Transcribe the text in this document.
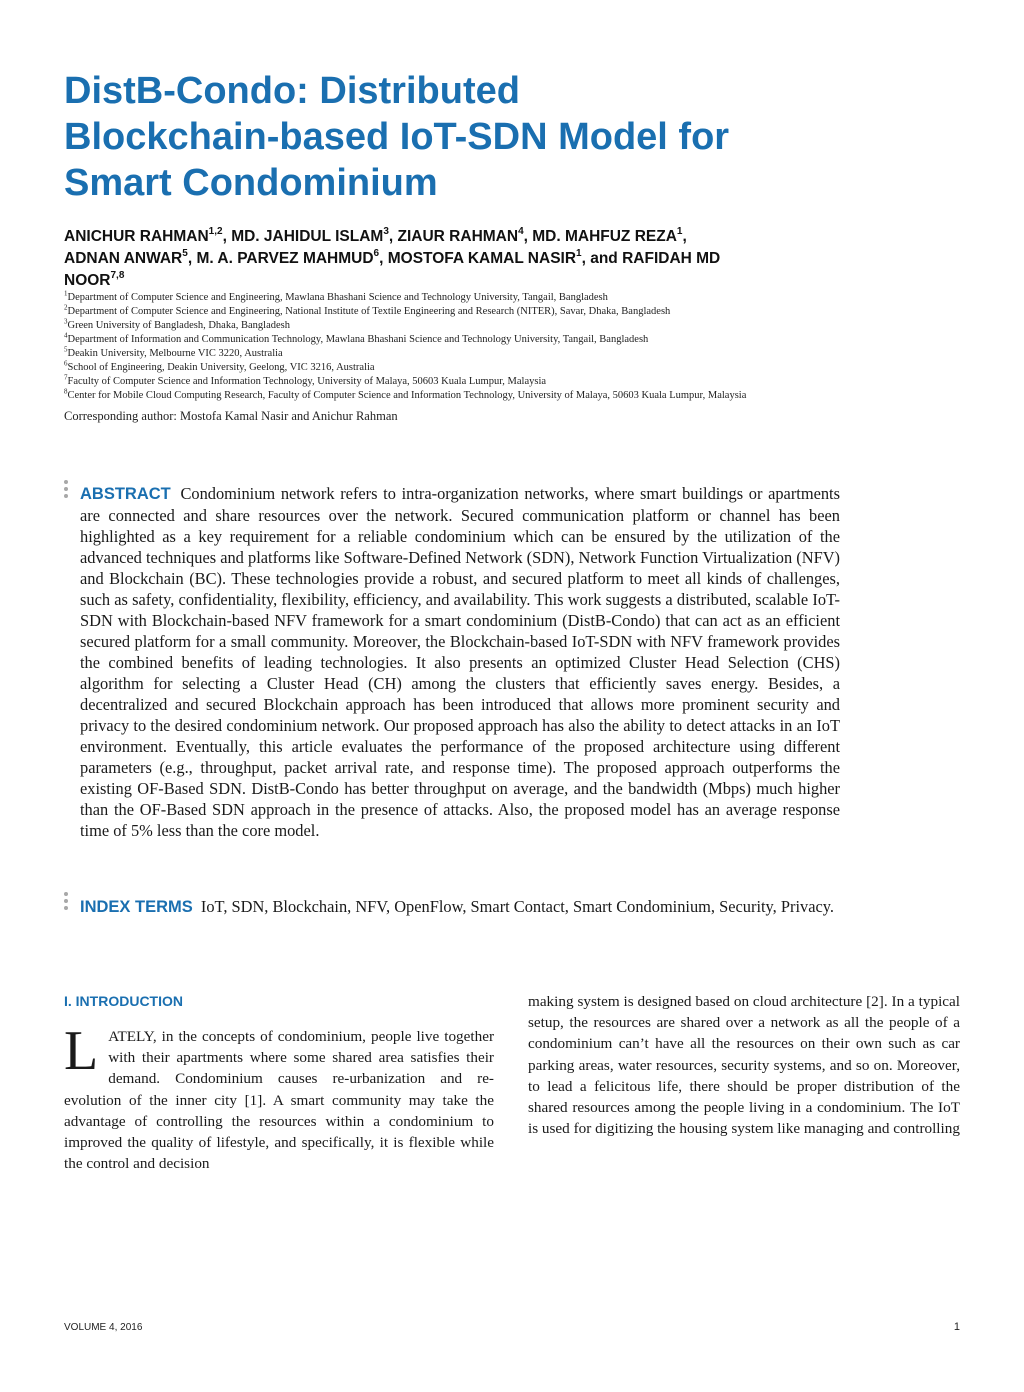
DistB-Condo: Distributed
Blockchain-based IoT-SDN Model for
Smart Condominium
ANICHUR RAHMAN$^{1,2}$, MD. JAHIDUL ISLAM$^3$, ZIAUR RAHMAN$^4$, MD. MAHFUZ REZA$^1$,
ADNAN ANWAR$^5$, M. A. PARVEZ MAHMUD$^6$, MOSTOFA KAMAL NASIR$^1$, and RAFIDAH MD
NOOR$^{7,8}$
$^1$Department of Computer Science and Engineering, Mawlana Bhashani Science and Technology University, Tangail, Bangladesh
$^2$Department of Computer Science and Engineering, National Institute of Textile Engineering and Research (NITER), Savar, Dhaka, Bangladesh
$^3$Green University of Bangladesh, Dhaka, Bangladesh
$^4$Department of Information and Communication Technology, Mawlana Bhashani Science and Technology University, Tangail, Bangladesh
$^5$Deakin University, Melbourne VIC 3220, Australia
$^6$School of Engineering, Deakin University, Geelong, VIC 3216, Australia
$^7$Faculty of Computer Science and Information Technology, University of Malaya, 50603 Kuala Lumpur, Malaysia
$^8$Center for Mobile Cloud Computing Research, Faculty of Computer Science and Information Technology, University of Malaya, 50603 Kuala Lumpur, Malaysia
Corresponding author: Mostofa Kamal Nasir and Anichur Rahman
ABSTRACT Condominium network refers to intra-organization networks, where smart buildings or apartments are connected and share resources over the network. Secured communication platform or channel has been highlighted as a key requirement for a reliable condominium which can be ensured by the utilization of the advanced techniques and platforms like Software-Defined Network (SDN), Network Function Virtualization (NFV) and Blockchain (BC). These technologies provide a robust, and secured platform to meet all kinds of challenges, such as safety, confidentiality, flexibility, efficiency, and availability. This work suggests a distributed, scalable IoT-SDN with Blockchain-based NFV framework for a smart condominium (DistB-Condo) that can act as an efficient secured platform for a small community. Moreover, the Blockchain-based IoT-SDN with NFV framework provides the combined benefits of leading technologies. It also presents an optimized Cluster Head Selection (CHS) algorithm for selecting a Cluster Head (CH) among the clusters that efficiently saves energy. Besides, a decentralized and secured Blockchain approach has been introduced that allows more prominent security and privacy to the desired condominium network. Our proposed approach has also the ability to detect attacks in an IoT environment. Eventually, this article evaluates the performance of the proposed architecture using different parameters (e.g., throughput, packet arrival rate, and response time). The proposed approach outperforms the existing OF-Based SDN. DistB-Condo has better throughput on average, and the bandwidth (Mbps) much higher than the OF-Based SDN approach in the presence of attacks. Also, the proposed model has an average response time of 5% less than the core model.
INDEX TERMS IoT, SDN, Blockchain, NFV, OpenFlow, Smart Contact, Smart Condominium, Security, Privacy.
I. INTRODUCTION

L ATELY, in the concepts of condominium, people live together with their apartments where some shared area satisfies their demand. Condominium causes re-urbanization and re-evolution of the inner city [1]. A smart community may take the advantage of controlling the resources within a condominium to improved the quality of lifestyle, and specifically, it is flexible while the control and decision

making system is designed based on cloud architecture [2]. In a typical setup, the resources are shared over a network as all the people of a condominium can’t have all the resources on their own such as car parking areas, water resources, security systems, and so on. Moreover, to lead a felicitous life, there should be proper distribution of the shared resources among the people living in a condominium. The IoT is used for digitizing the housing system like managing and controlling

VOLUME 4, 2016	1
